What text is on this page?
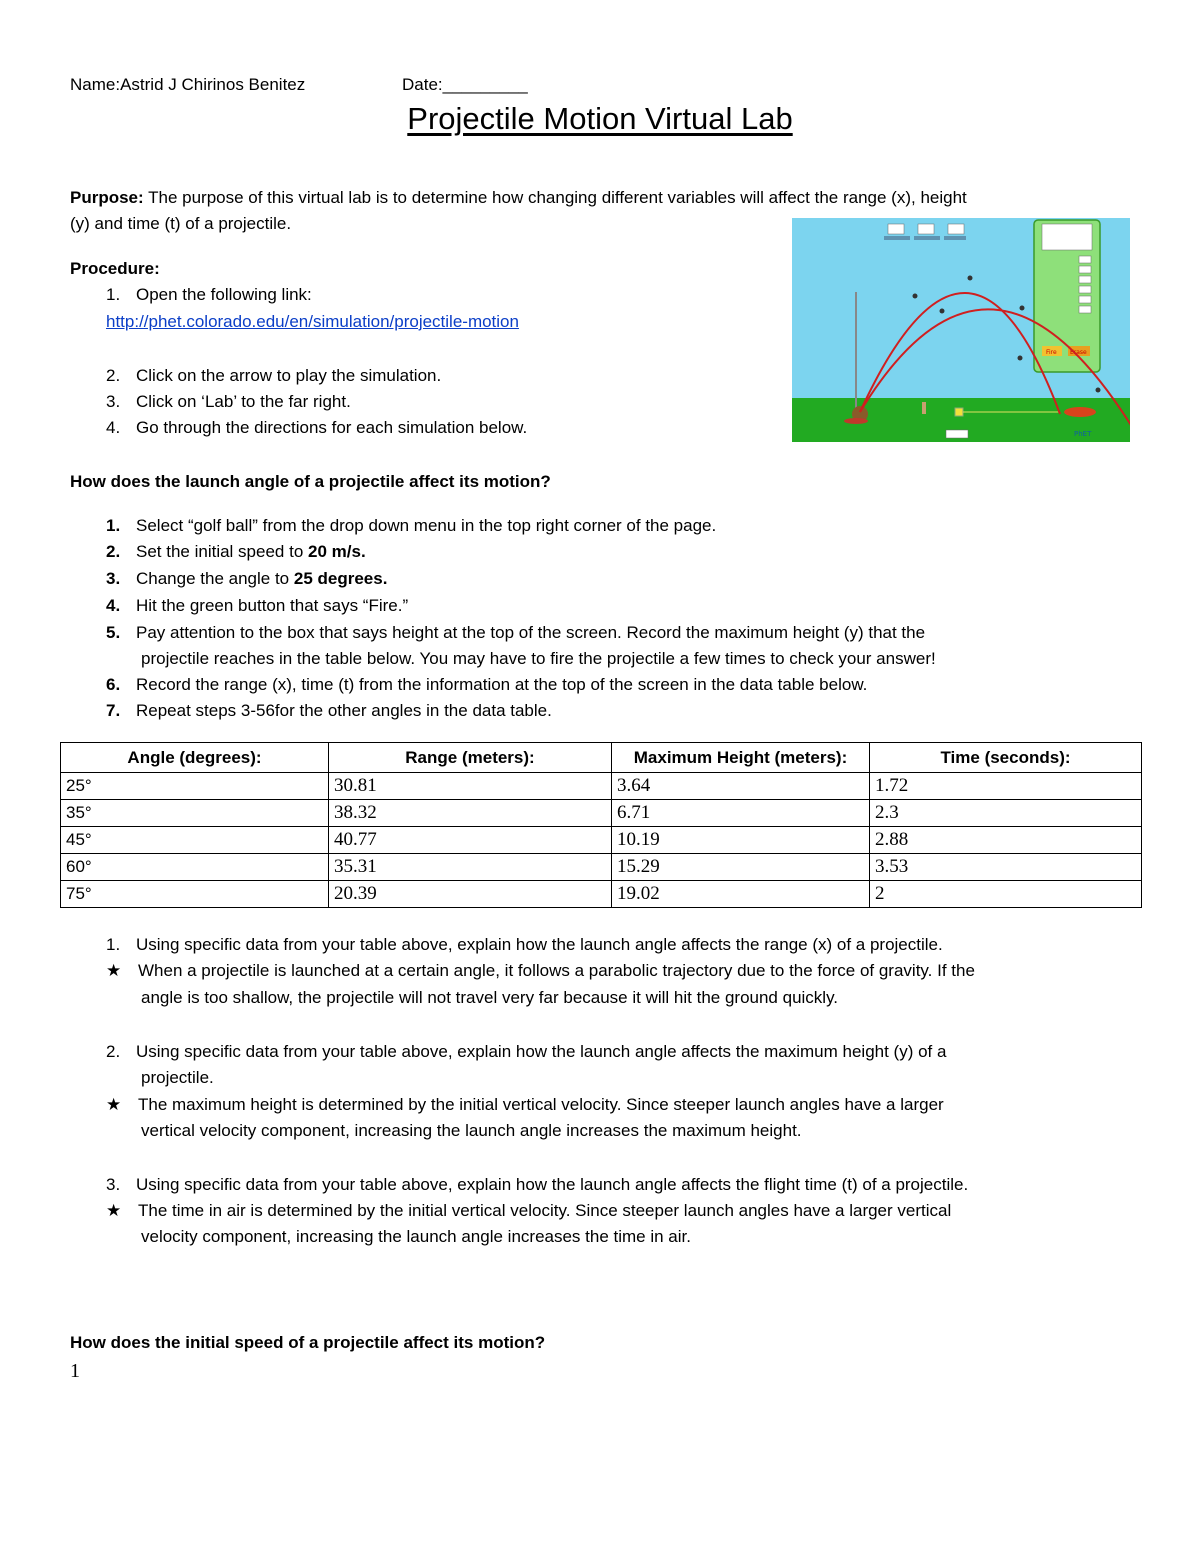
Name:Astrid J Chirinos Benitez	Date:_________
Projectile Motion Virtual Lab
Purpose: The purpose of this virtual lab is to determine how changing different variables will affect the range (x), height
(y) and time (t) of a projectile.
Procedure:
1. Open the following link:
http://phet.colorado.edu/en/simulation/projectile-motion
2. Click on the arrow to play the simulation.
3. Click on ‘Lab’ to the far right.
4. Go through the directions for each simulation below.
Fire Erase
PhET
How does the launch angle of a projectile affect its motion?
1. Select “golf ball” from the drop down menu in the top right corner of the page.
2. Set the initial speed to 20 m/s.
3. Change the angle to 25 degrees.
4. Hit the green button that says “Fire.”
5. Pay attention to the box that says height at the top of the screen. Record the maximum height (y) that the
projectile reaches in the table below. You may have to fire the projectile a few times to check your answer!
6. Record the range (x), time (t) from the information at the top of the screen in the data table below.
7. Repeat steps 3-56for the other angles in the data table.
Angle (degrees):	Range (meters):	Maximum Height (meters):	Time (seconds):
25°	30.81	3.64	1.72
35°	38.32	6.71	2.3
45°	40.77	10.19	2.88
60°	35.31	15.29	3.53
75°	20.39	19.02	2
1. Using specific data from your table above, explain how the launch angle affects the range (x) of a projectile.
★ When a projectile is launched at a certain angle, it follows a parabolic trajectory due to the force of gravity. If the
angle is too shallow, the projectile will not travel very far because it will hit the ground quickly.
2. Using specific data from your table above, explain how the launch angle affects the maximum height (y) of a
projectile.
★ The maximum height is determined by the initial vertical velocity. Since steeper launch angles have a larger
vertical velocity component, increasing the launch angle increases the maximum height.
3. Using specific data from your table above, explain how the launch angle affects the flight time (t) of a projectile.
★ The time in air is determined by the initial vertical velocity. Since steeper launch angles have a larger vertical
velocity component, increasing the launch angle increases the time in air.
How does the initial speed of a projectile affect its motion?
1
